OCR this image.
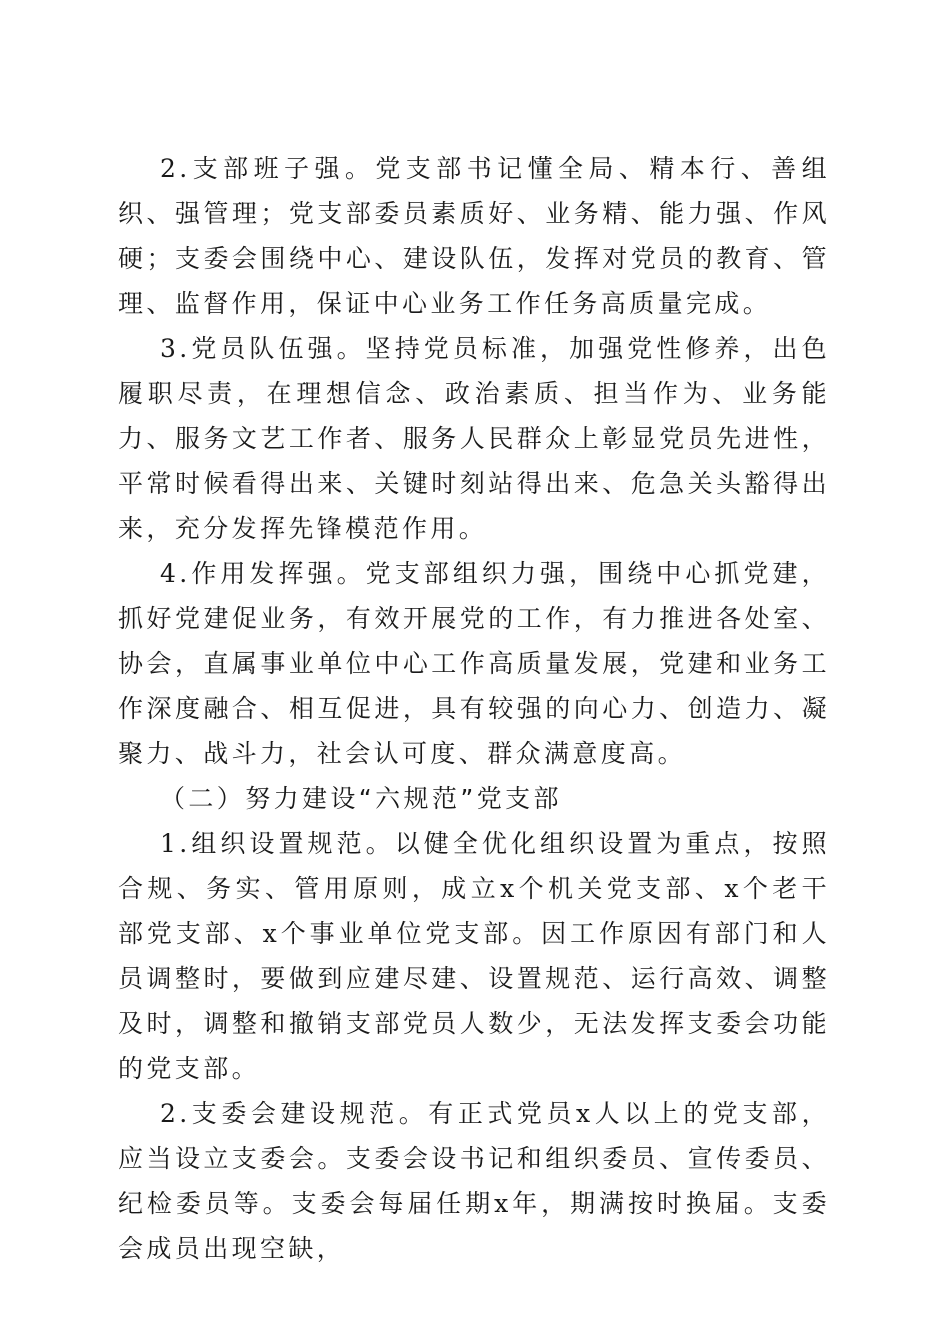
2.支部班子强。党支部书记懂全局、精本行、善组织、强管理；党支部委员素质好、业务精、能力强、作风硬；支委会围绕中心、建设队伍，发挥对党员的教育、管理、监督作用，保证中心业务工作任务高质量完成。

3.党员队伍强。坚持党员标准，加强党性修养，出色履职尽责，在理想信念、政治素质、担当作为、业务能力、服务文艺工作者、服务人民群众上彰显党员先进性，平常时候看得出来、关键时刻站得出来、危急关头豁得出来，充分发挥先锋模范作用。

4.作用发挥强。党支部组织力强，围绕中心抓党建，抓好党建促业务，有效开展党的工作，有力推进各处室、协会，直属事业单位中心工作高质量发展，党建和业务工作深度融合、相互促进，具有较强的向心力、创造力、凝聚力、战斗力，社会认可度、群众满意度高。

（二）努力建设“六规范”党支部

1.组织设置规范。以健全优化组织设置为重点，按照合规、务实、管用原则，成立x个机关党支部、x个老干部党支部、x个事业单位党支部。因工作原因有部门和人员调整时，要做到应建尽建、设置规范、运行高效、调整及时，调整和撤销支部党员人数少，无法发挥支委会功能的党支部。

2.支委会建设规范。有正式党员x人以上的党支部，应当设立支委会。支委会设书记和组织委员、宣传委员、纪检委员等。支委会每届任期x年，期满按时换届。支委会成员出现空缺，
